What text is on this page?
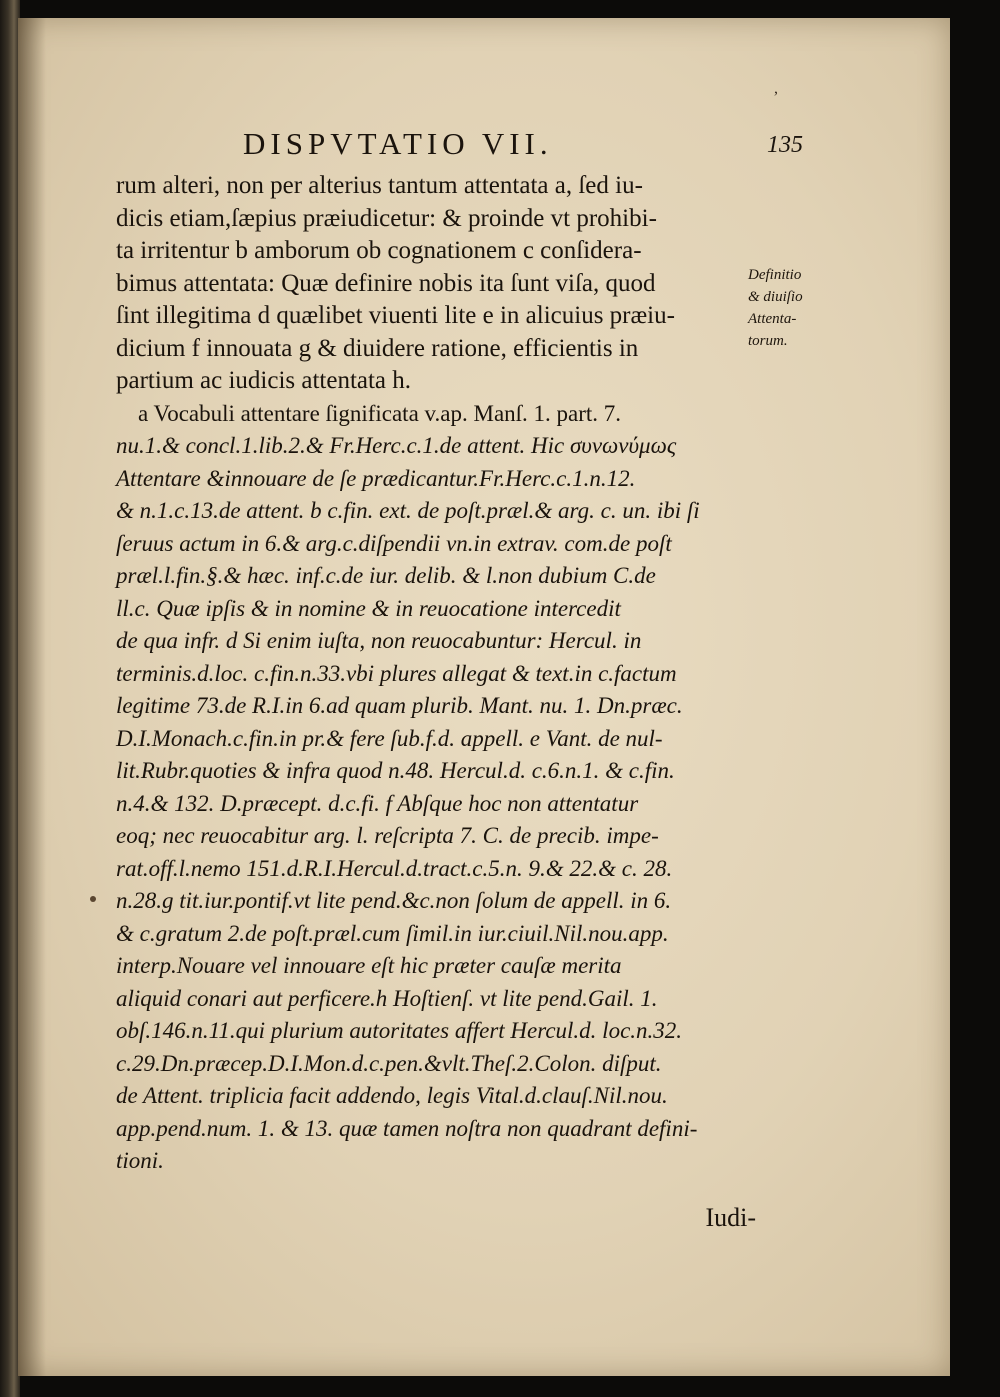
,
DISPVTATIO VII.	135
rum alteri, non per alterius tantum attentata a, ſed iu-
dicis etiam,ſæpius præiudicetur: & proinde vt prohibi-
ta irritentur b amborum ob cognationem c conſidera-
bimus attentata: Quæ definire nobis ita ſunt viſa, quod
ſint illegitima d quælibet viuenti lite e in alicuius præiu-
dicium f innouata g & diuidere ratione, efficientis in
partium ac iudicis attentata h.
a Vocabuli attentare ſignificata v.ap. Manſ. 1. part. 7.
nu.1.& concl.1.lib.2.& Fr.Herc.c.1.de attent. Hic συνωνύμως
Attentare &innouare de ſe prædicantur.Fr.Herc.c.1.n.12.
& n.1.c.13.de attent. b c.fin. ext. de poſt.præl.& arg. c. un. ibi ſi
ſeruus actum in 6.& arg.c.diſpendii vn.in extrav. com.de poſt
præl.l.fin.§.& hæc. inf.c.de iur. delib. & l.non dubium C.de
ll.c. Quæ ipſis & in nomine & in reuocatione intercedit
de qua infr. d Si enim iuſta, non reuocabuntur: Hercul. in
terminis.d.loc. c.fin.n.33.vbi plures allegat & text.in c.factum
legitime 73.de R.I.in 6.ad quam plurib. Mant. nu. 1. Dn.præc.
D.I.Monach.c.fin.in pr.& fere ſub.f.d. appell. e Vant. de nul-
lit.Rubr.quoties & infra quod n.48. Hercul.d. c.6.n.1. & c.fin.
n.4.& 132. D.præcept. d.c.fi. f Abſque hoc non attentatur
eoq; nec reuocabitur arg. l. reſcripta 7. C. de precib. impe-
rat.off.l.nemo 151.d.R.I.Hercul.d.tract.c.5.n. 9.& 22.& c. 28.
n.28.g tit.iur.pontif.vt lite pend.&c.non ſolum de appell. in 6.
& c.gratum 2.de poſt.præl.cum ſimil.in iur.ciuil.Nil.nou.app.
interp.Nouare vel innouare eſt hic præter cauſæ merita
aliquid conari aut perficere.h Hoſtienſ. vt lite pend.Gail. 1.
obſ.146.n.11.qui plurium autoritates affert Hercul.d. loc.n.32.
c.29.Dn.præcep.D.I.Mon.d.c.pen.&vlt.Theſ.2.Colon. diſput.
de Attent. triplicia facit addendo, legis Vital.d.clauſ.Nil.nou.
app.pend.num. 1. & 13. quæ tamen noſtra non quadrant defini-
tioni.
Iudi-
Definitio
& diuiſio
Attenta-
torum.
